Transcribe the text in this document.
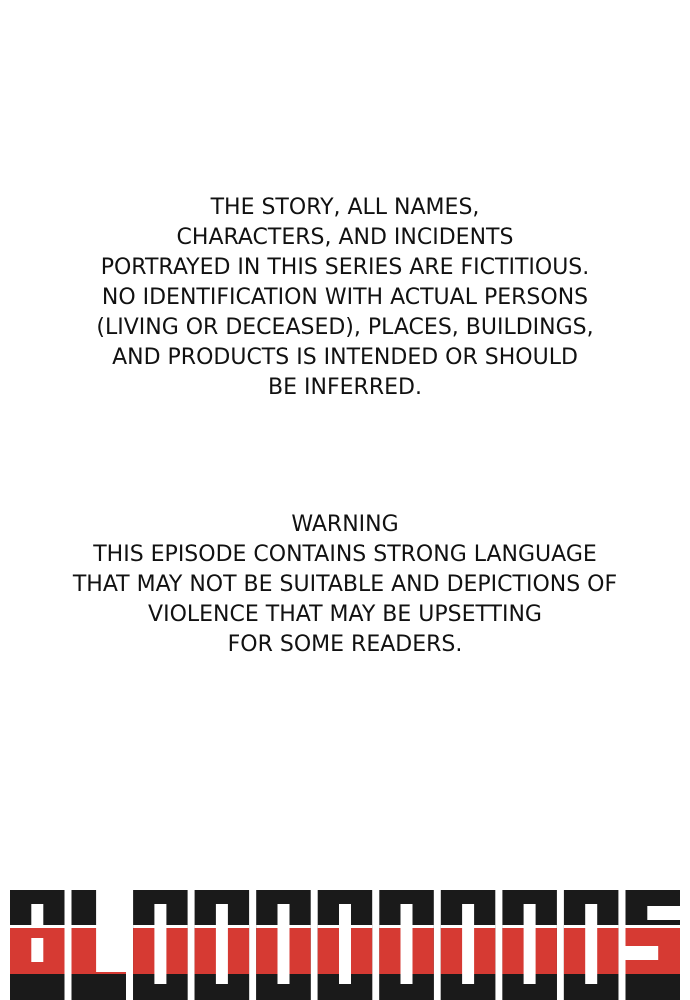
THE STORY, ALL NAMES,
CHARACTERS, AND INCIDENTS
PORTRAYED IN THIS SERIES ARE FICTITIOUS.
NO IDENTIFICATION WITH ACTUAL PERSONS
(LIVING OR DECEASED), PLACES, BUILDINGS,
AND PRODUCTS IS INTENDED OR SHOULD
BE INFERRED.
WARNING
THIS EPISODE CONTAINS STRONG LANGUAGE
THAT MAY NOT BE SUITABLE AND DEPICTIONS OF
VIOLENCE THAT MAY BE UPSETTING
FOR SOME READERS.
